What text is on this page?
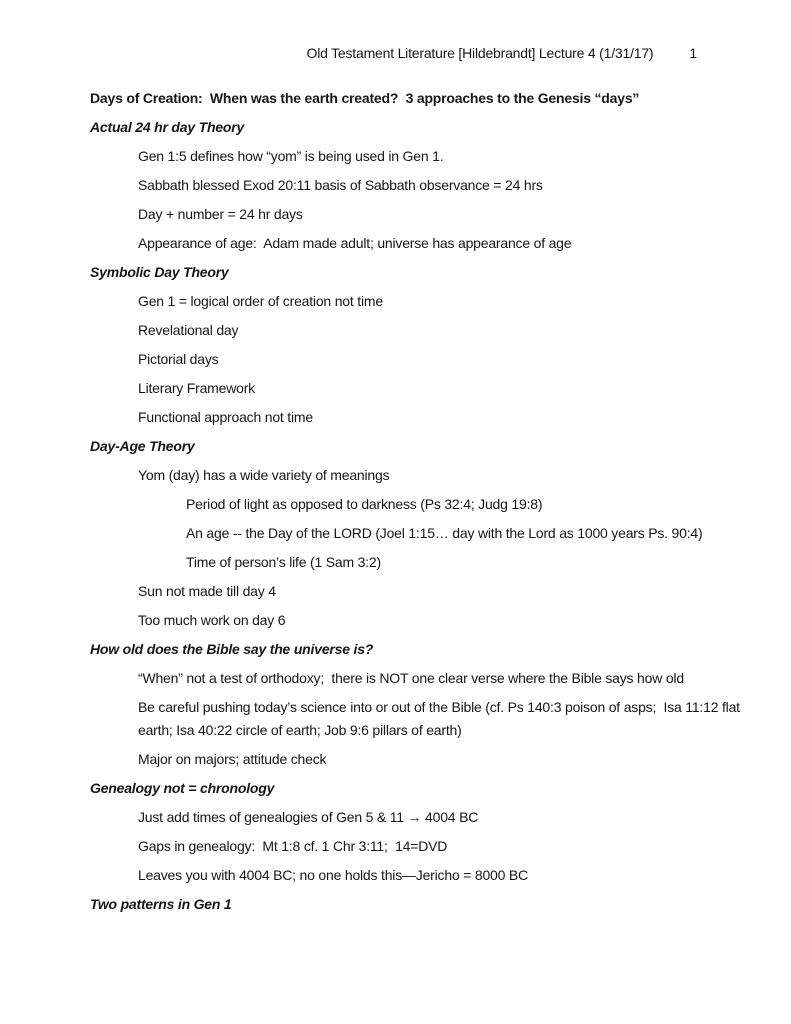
Old Testament Literature [Hildebrandt] Lecture 4 (1/31/17)	1

Days of Creation:  When was the earth created?  3 approaches to the Genesis “days”

Actual 24 hr day Theory

Gen 1:5 defines how “yom” is being used in Gen 1.

Sabbath blessed Exod 20:11 basis of Sabbath observance = 24 hrs

Day + number = 24 hr days

Appearance of age:  Adam made adult; universe has appearance of age

Symbolic Day Theory

Gen 1 = logical order of creation not time

Revelational day

Pictorial days

Literary Framework

Functional approach not time

Day-Age Theory

Yom (day) has a wide variety of meanings

Period of light as opposed to darkness (Ps 32:4; Judg 19:8)

An age -- the Day of the LORD (Joel 1:15… day with the Lord as 1000 years Ps. 90:4)

Time of person’s life (1 Sam 3:2)

Sun not made till day 4

Too much work on day 6

How old does the Bible say the universe is?

“When” not a test of orthodoxy;  there is NOT one clear verse where the Bible says how old

Be careful pushing today’s science into or out of the Bible (cf. Ps 140:3 poison of asps;  Isa 11:12 flat earth; Isa 40:22 circle of earth; Job 9:6 pillars of earth)

Major on majors; attitude check

Genealogy not = chronology

Just add times of genealogies of Gen 5 & 11 → 4004 BC

Gaps in genealogy:  Mt 1:8 cf. 1 Chr 3:11;  14=DVD

Leaves you with 4004 BC; no one holds this—Jericho = 8000 BC

Two patterns in Gen 1
